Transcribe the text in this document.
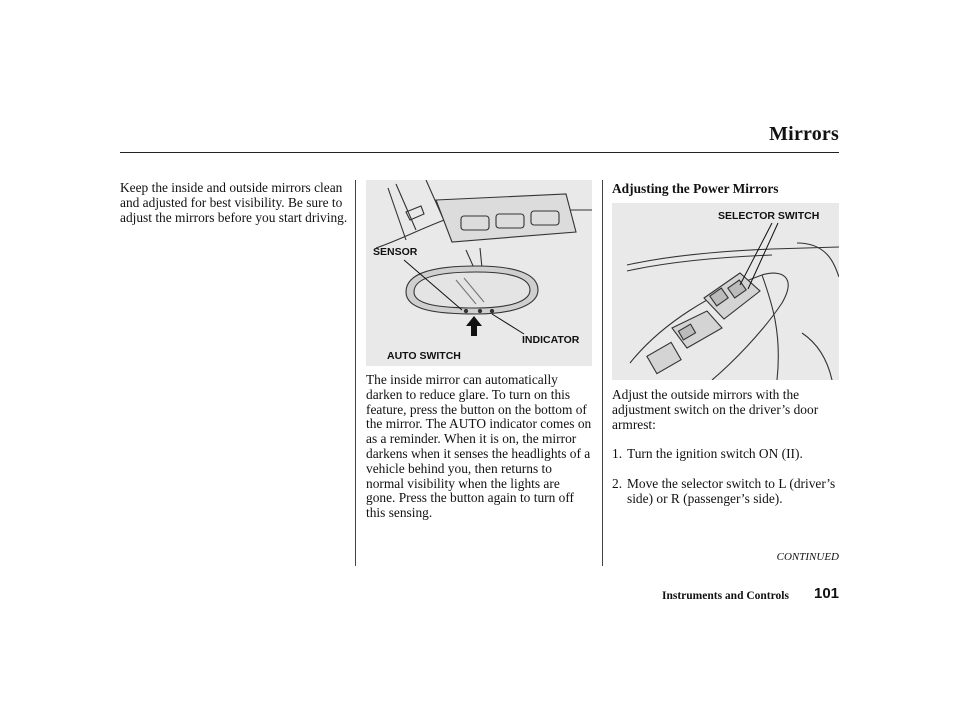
Mirrors

Keep the inside and outside mirrors clean and adjusted for best visibility. Be sure to adjust the mirrors before you start driving.

SENSOR
INDICATOR
AUTO SWITCH

The inside mirror can automatically darken to reduce glare. To turn on this feature, press the button on the bottom of the mirror. The AUTO indicator comes on as a reminder. When it is on, the mirror darkens when it senses the headlights of a vehicle behind you, then returns to normal visibility when the lights are gone. Press the button again to turn off this sensing.

Adjusting the Power Mirrors
SELECTOR SWITCH

Adjust the outside mirrors with the adjustment switch on the driver’s door armrest:

1. Turn the ignition switch ON (II).
2. Move the selector switch to L (driver’s side) or R (passenger’s side).
CONTINUED
Instruments and Controls 101
